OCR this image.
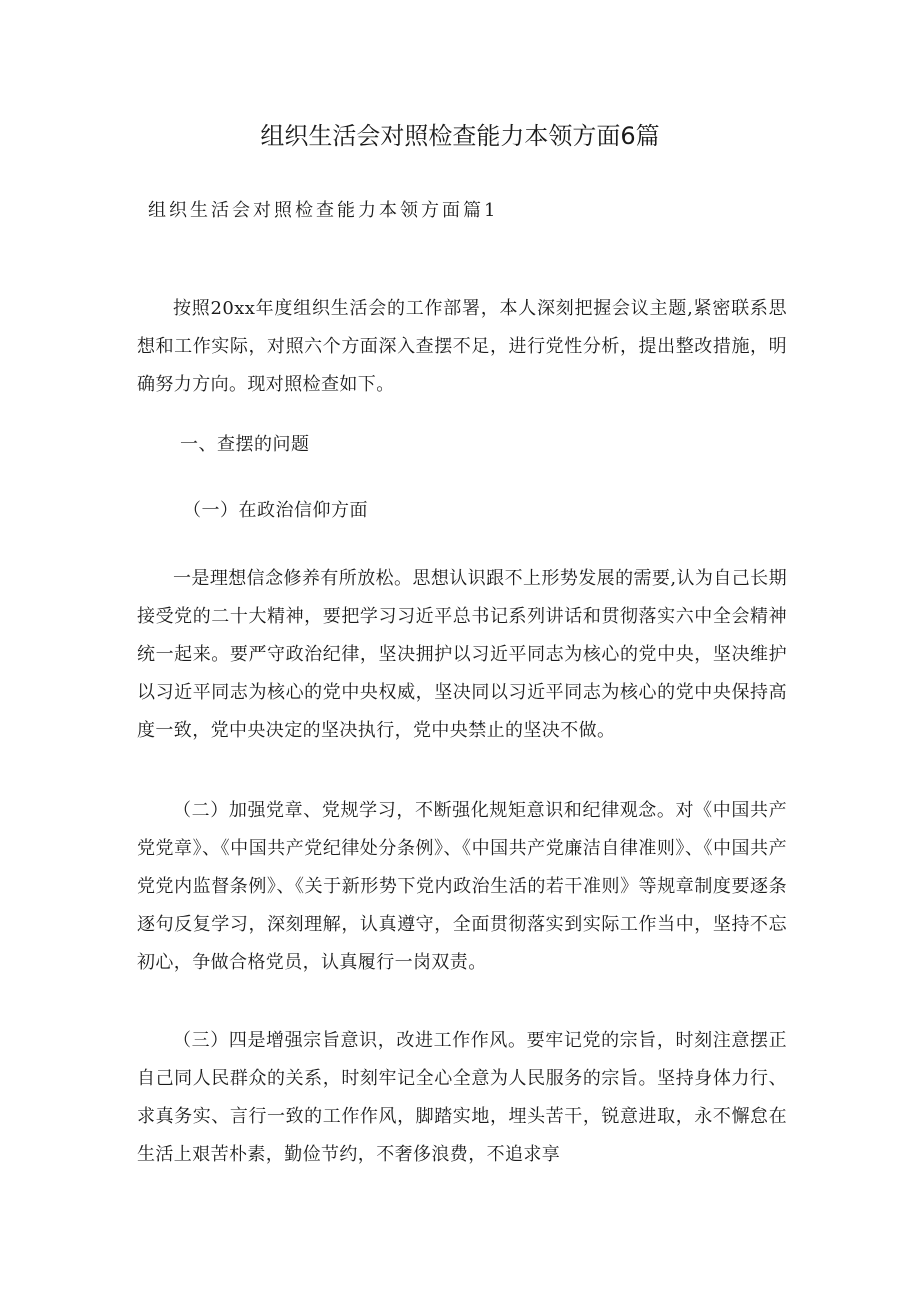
组织生活会对照检查能力本领方面6篇
组织生活会对照检查能力本领方面篇1

按照20xx年度组织生活会的工作部署，本人深刻把握会议主题,紧密联系思想和工作实际，对照六个方面深入查摆不足，进行党性分析，提出整改措施，明确努力方向。现对照检查如下。

一、查摆的问题
（一）在政治信仰方面

一是理想信念修养有所放松。思想认识跟不上形势发展的需要,认为自己长期接受党的二十大精神，要把学习习近平总书记系列讲话和贯彻落实六中全会精神统一起来。要严守政治纪律，坚决拥护以习近平同志为核心的党中央，坚决维护以习近平同志为核心的党中央权威，坚决同以习近平同志为核心的党中央保持高度一致，党中央决定的坚决执行，党中央禁止的坚决不做。

（二）加强党章、党规学习，不断强化规矩意识和纪律观念。对《中国共产党党章》、《中国共产党纪律处分条例》、《中国共产党廉洁自律准则》、《中国共产党党内监督条例》、《关于新形势下党内政治生活的若干准则》等规章制度要逐条逐句反复学习，深刻理解，认真遵守，全面贯彻落实到实际工作当中，坚持不忘初心，争做合格党员，认真履行一岗双责。

（三）四是增强宗旨意识，改进工作作风。要牢记党的宗旨，时刻注意摆正自己同人民群众的关系，时刻牢记全心全意为人民服务的宗旨。坚持身体力行、求真务实、言行一致的工作作风，脚踏实地，埋头苦干，锐意进取，永不懈怠在生活上艰苦朴素，勤俭节约，不奢侈浪费，不追求享
